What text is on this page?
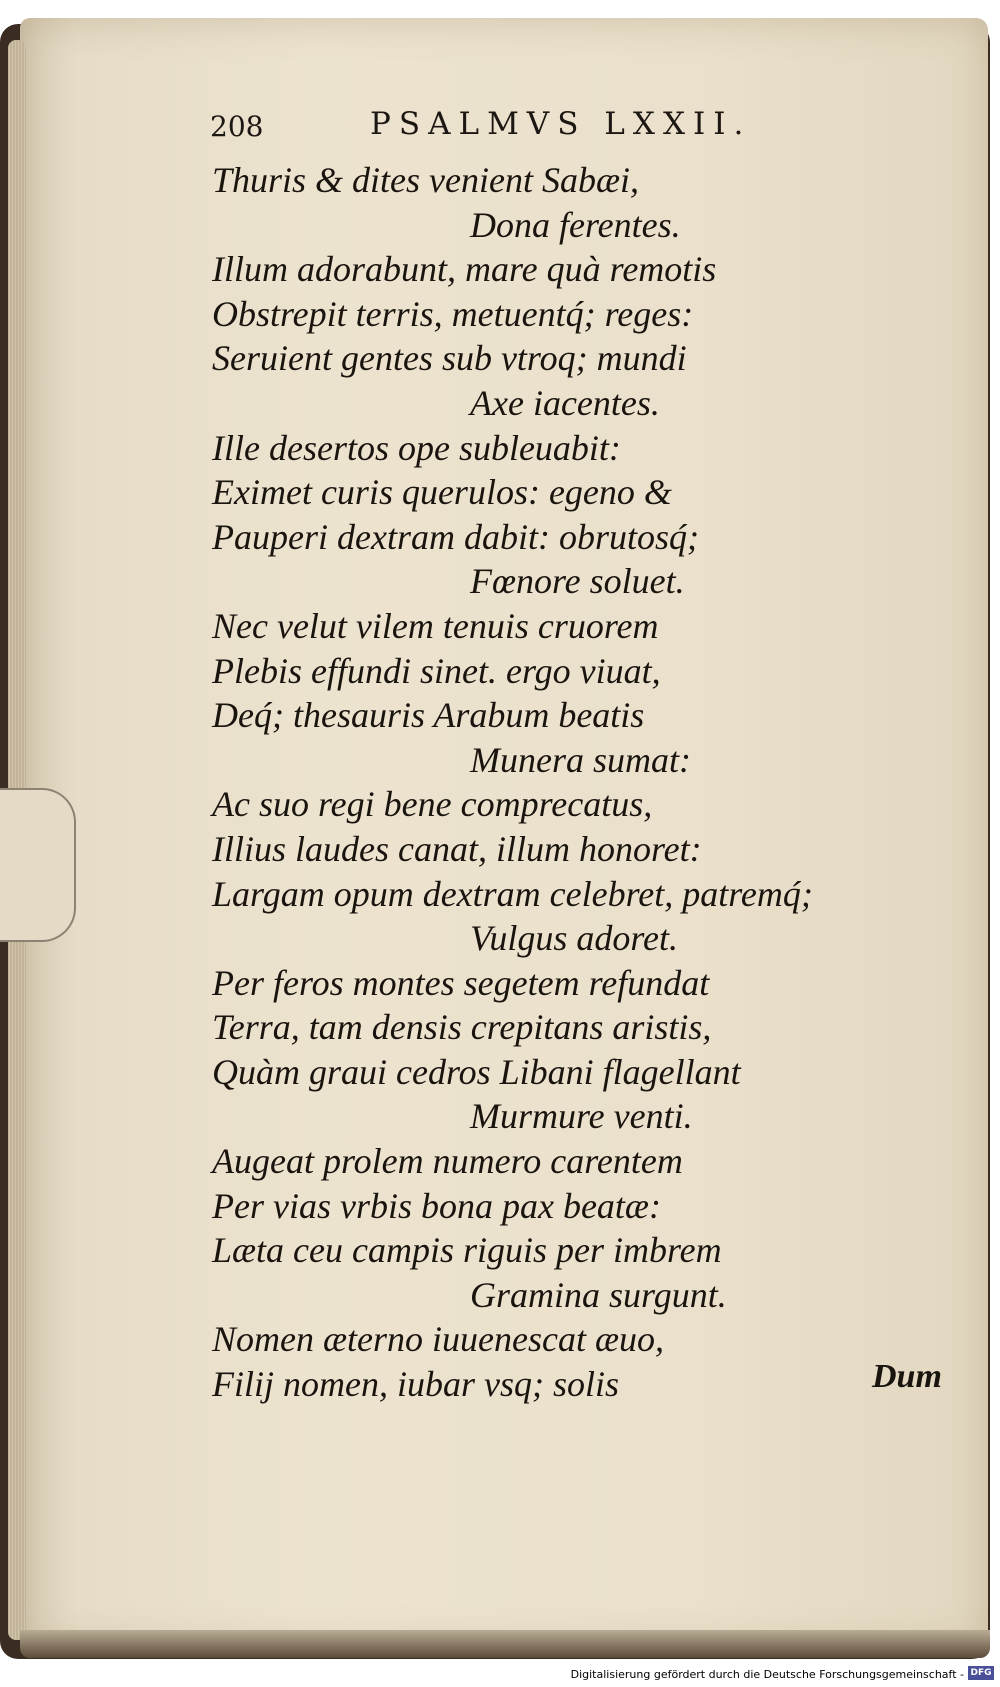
208	PSALMVS LXXII.
Thuris & dites venient Sabæi,
Dona ferentes.
Illum adorabunt, mare quà remotis
Obstrepit terris, metuentq́; reges:
Seruient gentes sub vtroq; mundi
Axe iacentes.
Ille desertos ope subleuabit:
Eximet curis querulos: egeno &
Pauperi dextram dabit: obrutosq́;
Fœnore soluet.
Nec velut vilem tenuis cruorem
Plebis effundi sinet. ergo viuat,
Deq́; thesauris Arabum beatis
Munera sumat:
Ac suo regi bene comprecatus,
Illius laudes canat, illum honoret:
Largam opum dextram celebret, patremq́;
Vulgus adoret.
Per feros montes segetem refundat
Terra, tam densis crepitans aristis,
Quàm graui cedros Libani flagellant
Murmure venti.
Augeat prolem numero carentem
Per vias vrbis bona pax beatæ:
Læta ceu campis riguis per imbrem
Gramina surgunt.
Nomen æterno iuuenescat æuo,
Filij nomen, iubar vsq; solis	Dum
Digitalisierung gefördert durch die Deutsche Forschungsgemeinschaft - DFG
